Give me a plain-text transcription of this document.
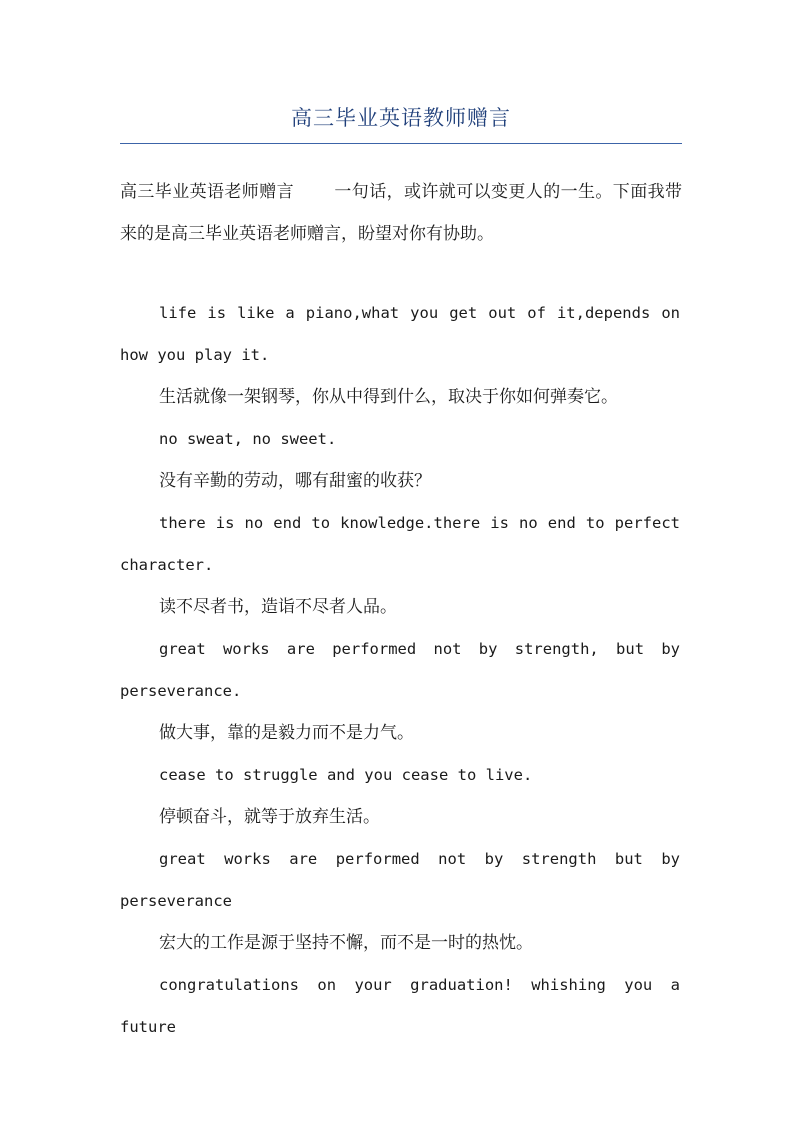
高三毕业英语教师赠言
高三毕业英语老师赠言 一句话，或许就可以变更人的一生。下面我带来的是高三毕业英语老师赠言，盼望对你有协助。

life is like a piano,what you get out of it,depends on how you play it.

生活就像一架钢琴，你从中得到什么，取决于你如何弹奏它。

no sweat, no sweet.

没有辛勤的劳动，哪有甜蜜的收获？

there is no end to knowledge.there is no end to perfect character.

读不尽者书，造诣不尽者人品。

great works are performed not by strength, but by perseverance.

做大事，靠的是毅力而不是力气。

cease to struggle and you cease to live.

停顿奋斗，就等于放弃生活。

great works are performed not by strength but by perseverance

宏大的工作是源于坚持不懈，而不是一时的热忱。

congratulations on your graduation! whishing you a future
